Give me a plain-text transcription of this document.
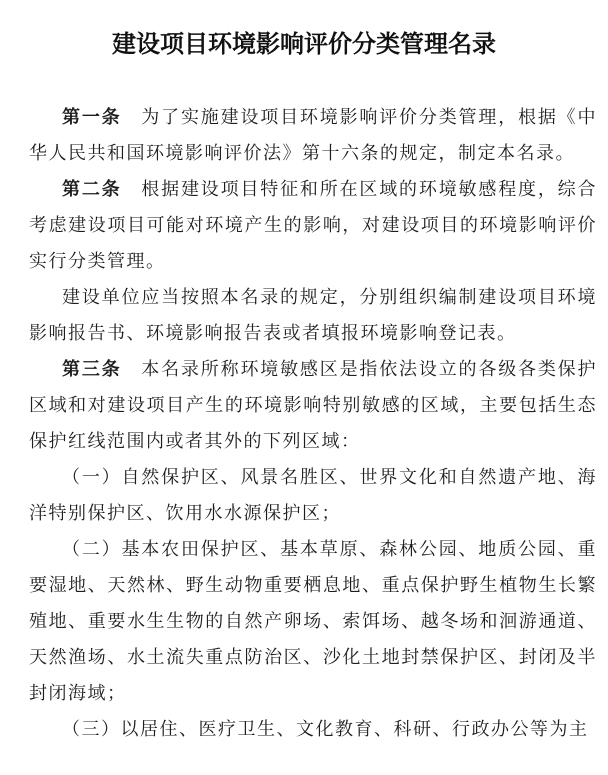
建设项目环境影响评价分类管理名录

第一条　为了实施建设项目环境影响评价分类管理，根据《中华人民共和国环境影响评价法》第十六条的规定，制定本名录。

第二条　根据建设项目特征和所在区域的环境敏感程度，综合考虑建设项目可能对环境产生的影响，对建设项目的环境影响评价实行分类管理。

建设单位应当按照本名录的规定，分别组织编制建设项目环境影响报告书、环境影响报告表或者填报环境影响登记表。

第三条　本名录所称环境敏感区是指依法设立的各级各类保护区域和对建设项目产生的环境影响特别敏感的区域，主要包括生态保护红线范围内或者其外的下列区域：

（一）自然保护区、风景名胜区、世界文化和自然遗产地、海洋特别保护区、饮用水水源保护区；

（二）基本农田保护区、基本草原、森林公园、地质公园、重要湿地、天然林、野生动物重要栖息地、重点保护野生植物生长繁殖地、重要水生生物的自然产卵场、索饵场、越冬场和洄游通道、天然渔场、水土流失重点防治区、沙化土地封禁保护区、封闭及半封闭海域；

（三）以居住、医疗卫生、文化教育、科研、行政办公等为主
